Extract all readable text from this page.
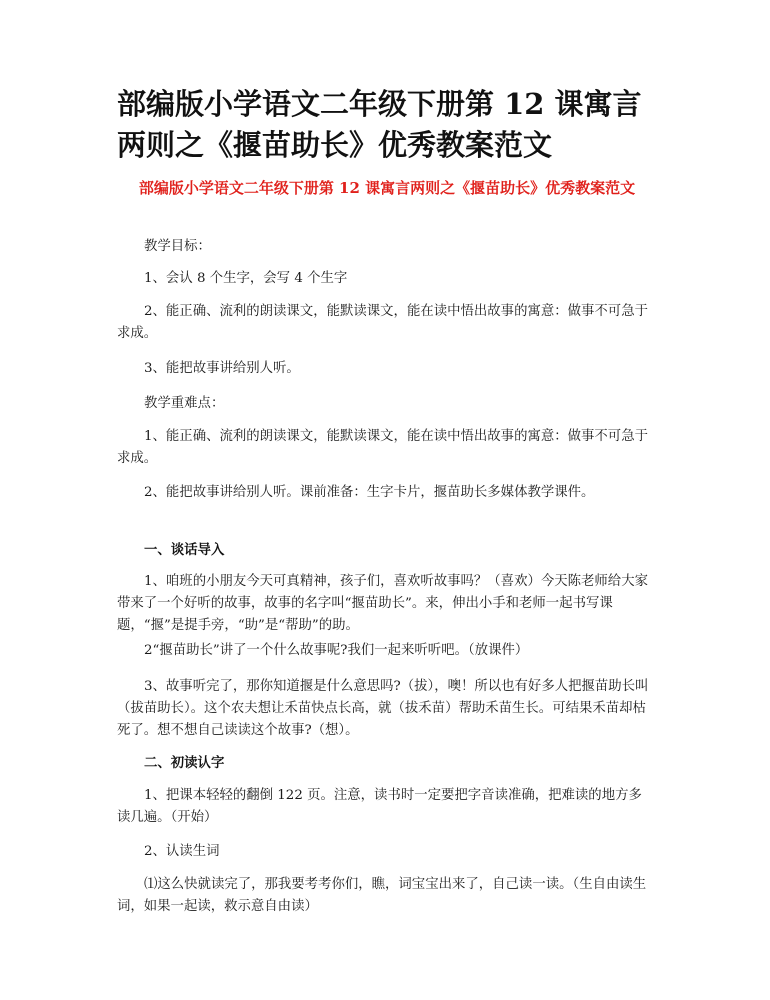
部编版小学语文二年级下册第 12 课寓言两则之《揠苗助长》优秀教案范文
部编版小学语文二年级下册第 12 课寓言两则之《揠苗助长》优秀教案范文

教学目标：

1、会认 8 个生字，会写 4 个生字

2、能正确、流利的朗读课文，能默读课文，能在读中悟出故事的寓意：做事不可急于求成。

3、能把故事讲给别人听。

教学重难点：

1、能正确、流利的朗读课文，能默读课文，能在读中悟出故事的寓意：做事不可急于求成。

2、能把故事讲给别人听。课前准备：生字卡片，揠苗助长多媒体教学课件。

一、谈话导入

1、咱班的小朋友今天可真精神，孩子们，喜欢听故事吗？（喜欢）今天陈老师给大家带来了一个好听的故事，故事的名字叫“揠苗助长”。来，伸出小手和老师一起书写课题，“揠”是提手旁，“助”是“帮助”的助。

2“揠苗助长”讲了一个什么故事呢?我们一起来听听吧。（放课件）

3、故事听完了，那你知道揠是什么意思吗?（拔），噢！所以也有好多人把揠苗助长叫（拔苗助长）。这个农夫想让禾苗快点长高，就（拔禾苗）帮助禾苗生长。可结果禾苗却枯死了。想不想自己读读这个故事?（想）。

二、初读认字

1、把课本轻轻的翻倒 122 页。注意，读书时一定要把字音读准确，把难读的地方多读几遍。（开始）

2、认读生词

⑴这么快就读完了，那我要考考你们，瞧，词宝宝出来了，自己读一读。（生自由读生词，如果一起读，救示意自由读）
